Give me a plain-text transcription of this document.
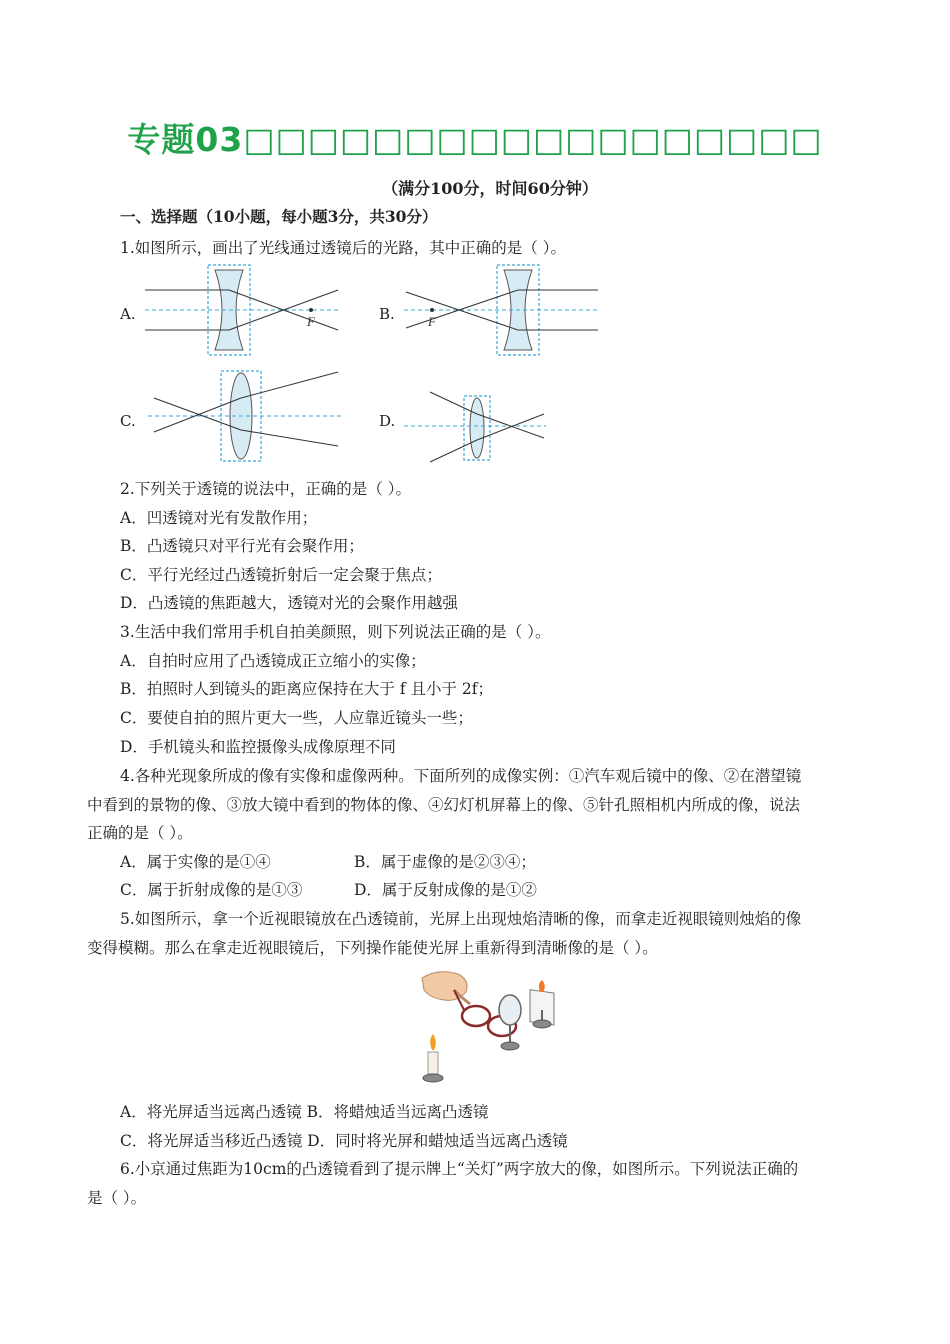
专题03□□□□□□□□□□□□□□□□□□
（满分100分，时间60分钟）
一、选择题（10小题，每小题3分，共30分）
1.如图所示，画出了光线通过透镜后的光路，其中正确的是（ ）。
A.	F	B.	F
C.	D.
2.下列关于透镜的说法中，正确的是（ ）。
A．凹透镜对光有发散作用；
B．凸透镜只对平行光有会聚作用；
C．平行光经过凸透镜折射后一定会聚于焦点；
D．凸透镜的焦距越大，透镜对光的会聚作用越强
3.生活中我们常用手机自拍美颜照，则下列说法正确的是（ ）。
A．自拍时应用了凸透镜成正立缩小的实像；
B．拍照时人到镜头的距离应保持在大于 f 且小于 2f；
C．要使自拍的照片更大一些，人应靠近镜头一些；
D．手机镜头和监控摄像头成像原理不同
4.各种光现象所成的像有实像和虚像两种。下面所列的成像实例：①汽车观后镜中的像、②在潜望镜
中看到的景物的像、③放大镜中看到的物体的像、④幻灯机屏幕上的像、⑤针孔照相机内所成的像，说法
正确的是（ ）。
A．属于实像的是①④	B．属于虚像的是②③④；
C．属于折射成像的是①③	D．属于反射成像的是①②
5.如图所示，拿一个近视眼镜放在凸透镜前，光屏上出现烛焰清晰的像，而拿走近视眼镜则烛焰的像
变得模糊。那么在拿走近视眼镜后，下列操作能使光屏上重新得到清晰像的是（ ）。
A．将光屏适当远离凸透镜 B．将蜡烛适当远离凸透镜
C．将光屏适当移近凸透镜 D．同时将光屏和蜡烛适当远离凸透镜
6.小京通过焦距为10cm的凸透镜看到了提示牌上“关灯”两字放大的像，如图所示。下列说法正确的
是（ ）。
